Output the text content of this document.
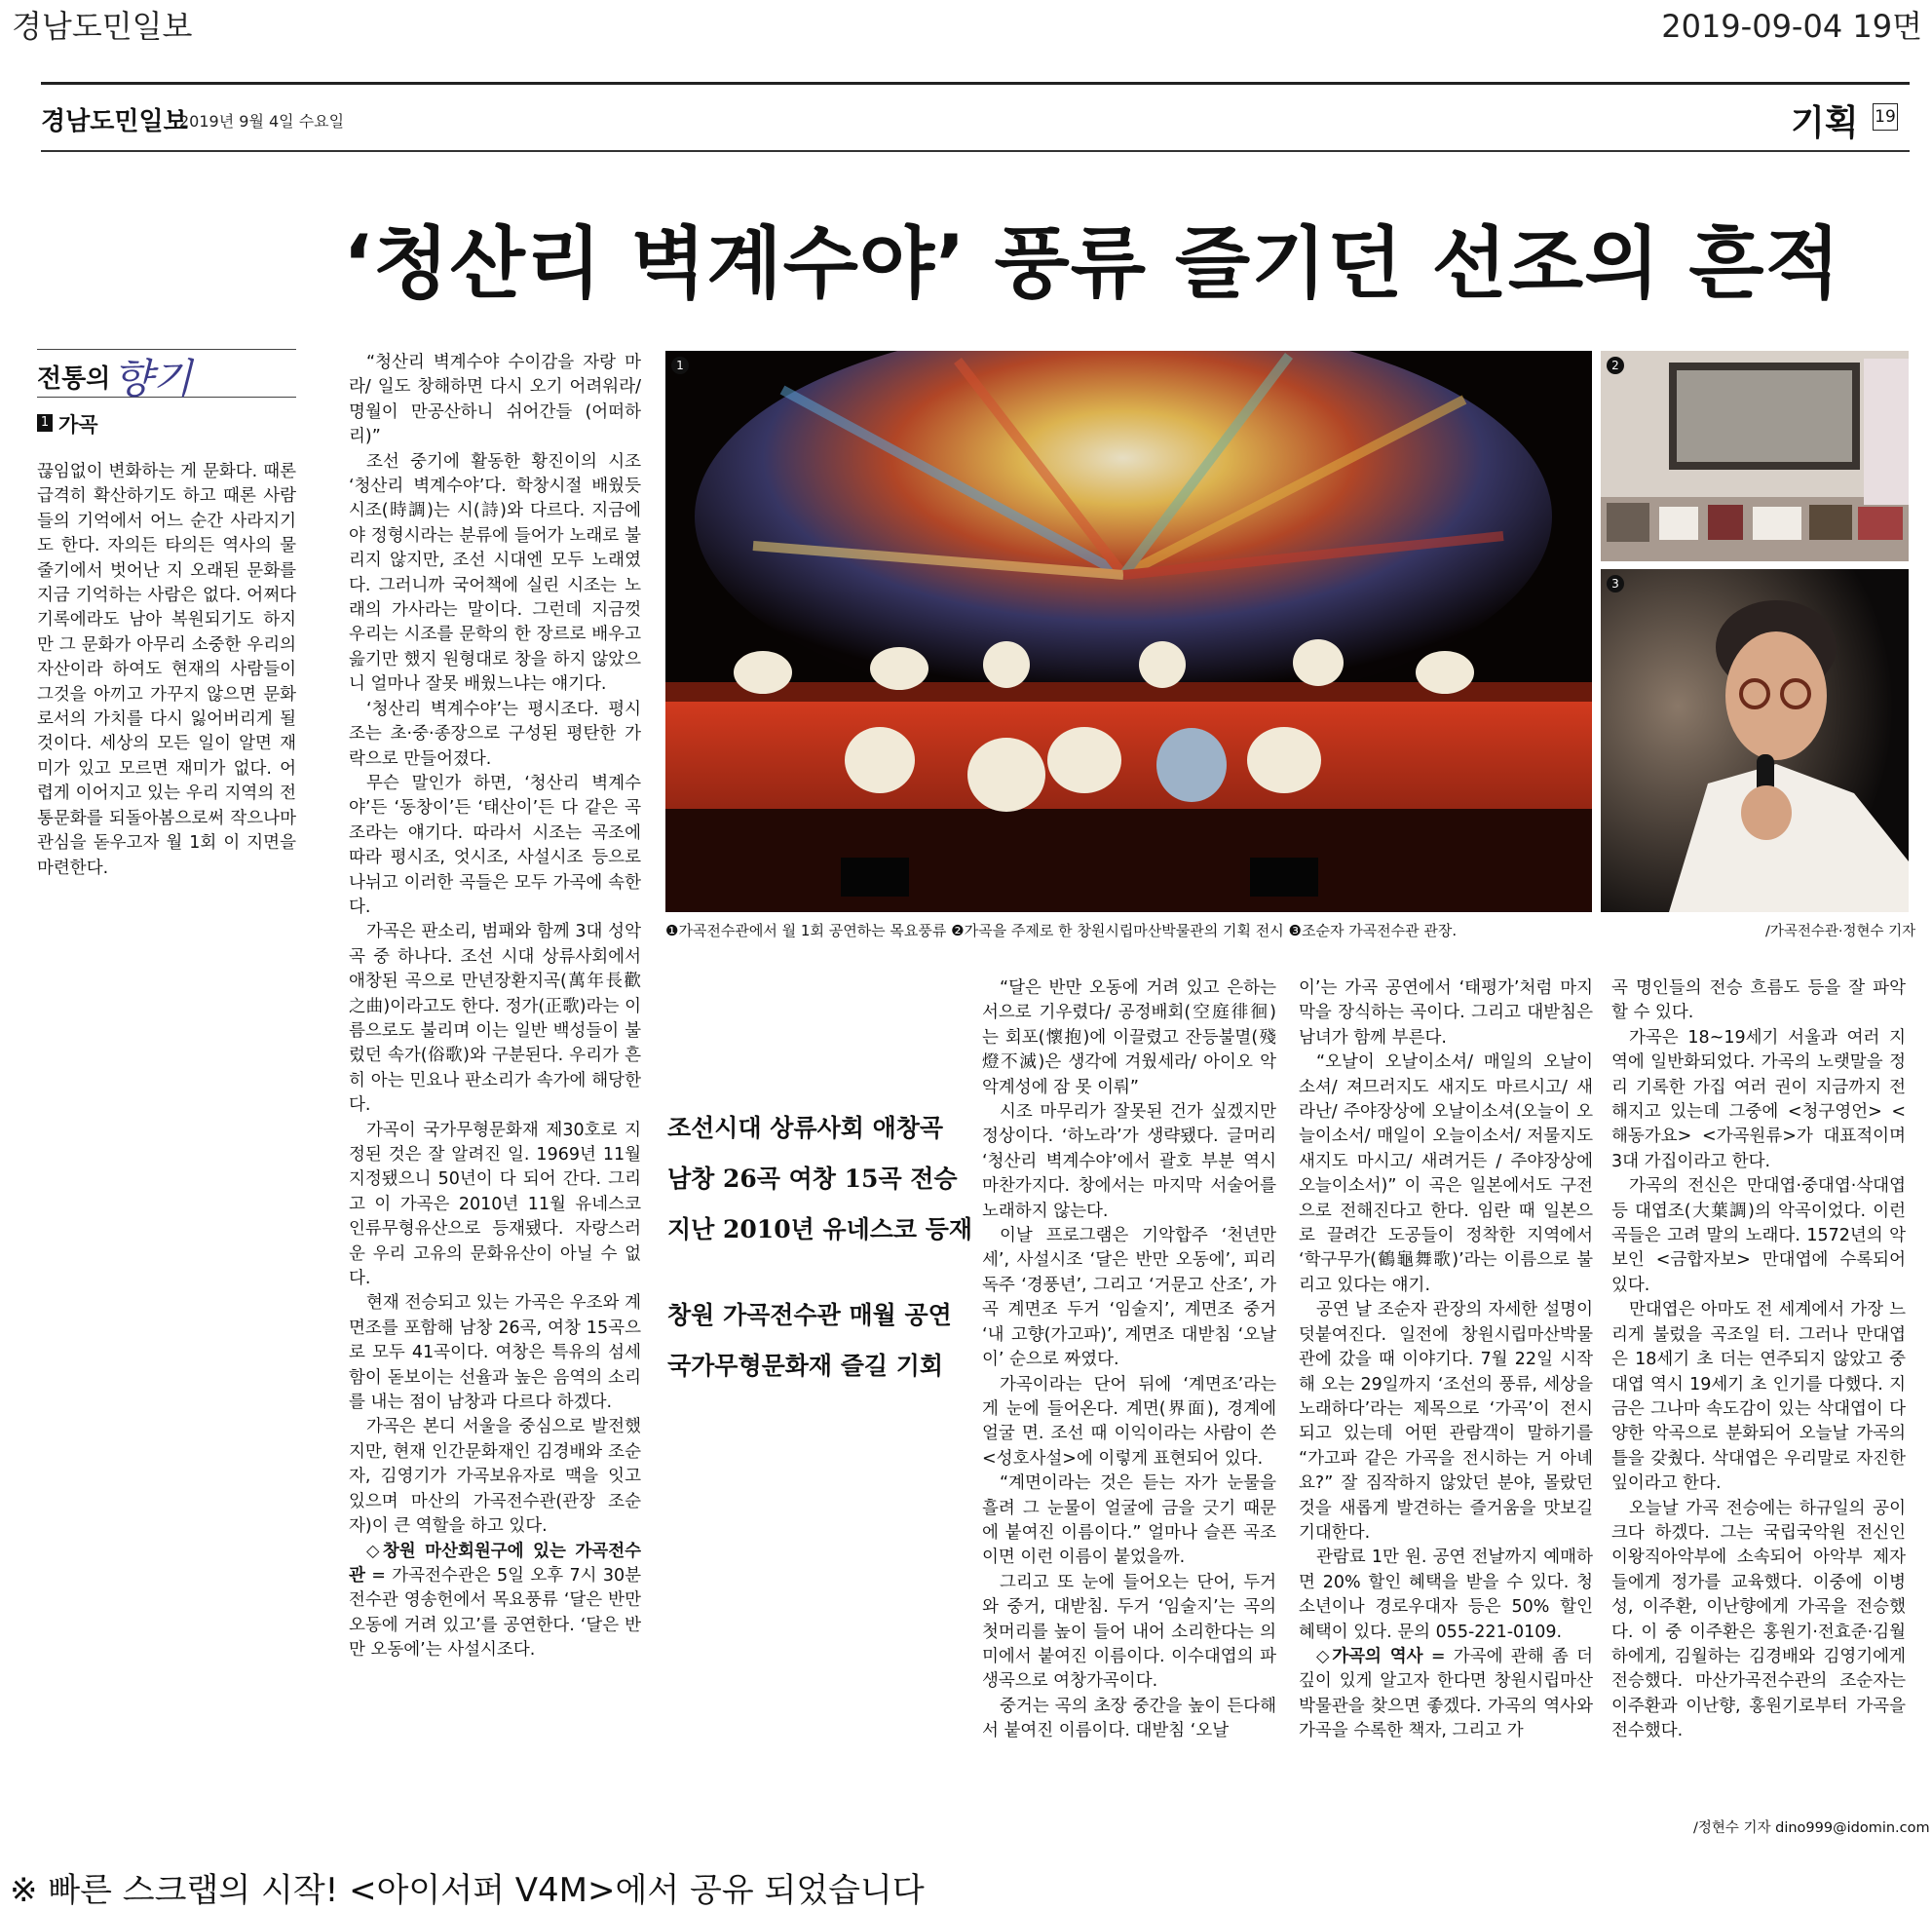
경남도민일보	2019-09-04 19면
경남도민일보
2019년 9월 4일 수요일	기획 19
‘청산리 벽계수야’ 풍류 즐기던 선조의 흔적
전통의 향기
1 가곡

끊임없이 변화하는 게 문화다. 때론 급격히 확산하기도 하고 때론 사람들의 기억에서 어느 순간 사라지기도 한다. 자의든 타의든 역사의 물줄기에서 벗어난 지 오래된 문화를 지금 기억하는 사람은 없다. 어쩌다 기록에라도 남아 복원되기도 하지만 그 문화가 아무리 소중한 우리의 자산이라 하여도 현재의 사람들이 그것을 아끼고 가꾸지 않으면 문화로서의 가치를 다시 잃어버리게 될 것이다. 세상의 모든 일이 알면 재미가 있고 모르면 재미가 없다. 어렵게 이어지고 있는 우리 지역의 전통문화를 되돌아봄으로써 작으나마 관심을 돋우고자 월 1회 이 지면을 마련한다.

“청산리 벽계수야 수이감을 자랑 마라/ 일도 창해하면 다시 오기 어려워라/ 명월이 만공산하니 쉬어간들 (어떠하리)”

조선 중기에 활동한 황진이의 시조 ‘청산리 벽계수야’다. 학창시절 배웠듯 시조(時調)는 시(詩)와 다르다. 지금에야 정형시라는 분류에 들어가 노래로 불리지 않지만, 조선 시대엔 모두 노래였다. 그러니까 국어책에 실린 시조는 노래의 가사라는 말이다. 그런데 지금껏 우리는 시조를 문학의 한 장르로 배우고 읊기만 했지 원형대로 창을 하지 않았으니 얼마나 잘못 배웠느냐는 얘기다.

‘청산리 벽계수야’는 평시조다. 평시조는 초·중·종장으로 구성된 평탄한 가락으로 만들어졌다.

무슨 말인가 하면, ‘청산리 벽계수야’든 ‘동창이’든 ‘태산이’든 다 같은 곡조라는 얘기다. 따라서 시조는 곡조에 따라 평시조, 엇시조, 사설시조 등으로 나뉘고 이러한 곡들은 모두 가곡에 속한다.

가곡은 판소리, 범패와 함께 3대 성악곡 중 하나다. 조선 시대 상류사회에서 애창된 곡으로 만년장환지곡(萬年長歡之曲)이라고도 한다. 정가(正歌)라는 이름으로도 불리며 이는 일반 백성들이 불렀던 속가(俗歌)와 구분된다. 우리가 흔히 아는 민요나 판소리가 속가에 해당한다.

가곡이 국가무형문화재 제30호로 지정된 것은 잘 알려진 일. 1969년 11월 지정됐으니 50년이 다 되어 간다. 그리고 이 가곡은 2010년 11월 유네스코 인류무형유산으로 등재됐다. 자랑스러운 우리 고유의 문화유산이 아닐 수 없다.

현재 전승되고 있는 가곡은 우조와 계면조를 포함해 남창 26곡, 여창 15곡으로 모두 41곡이다. 여창은 특유의 섬세함이 돋보이는 선율과 높은 음역의 소리를 내는 점이 남창과 다르다 하겠다.

가곡은 본디 서울을 중심으로 발전했지만, 현재 인간문화재인 김경배와 조순자, 김영기가 가곡보유자로 맥을 잇고 있으며 마산의 가곡전수관(관장 조순자)이 큰 역할을 하고 있다.

◇창원 마산회원구에 있는 가곡전수관 = 가곡전수관은 5일 오후 7시 30분 전수관 영송헌에서 목요풍류 ‘달은 반만 오동에 거려 있고’를 공연한다. ‘달은 반만 오동에’는 사설시조다.

1	2
3
❶가곡전수관에서 월 1회 공연하는 목요풍류 ❷가곡을 주제로 한 창원시립마산박물관의 기획 전시 ❸조순자 가곡전수관 관장.	/가곡전수관·정현수 기자
조선시대 상류사회 애창곡
남창 26곡 여창 15곡 전승
지난 2010년 유네스코 등재
창원 가곡전수관 매월 공연
국가무형문화재 즐길 기회

“달은 반만 오동에 거려 있고 은하는 서으로 기우렸다/ 공정배회(空庭徘徊)는 회포(懷抱)에 이끌렸고 잔등불멸(殘燈不滅)은 생각에 겨웠세라/ 아이오 악악계성에 잠 못 이뤄”

시조 마무리가 잘못된 건가 싶겠지만 정상이다. ‘하노라’가 생략됐다. 글머리 ‘청산리 벽계수야’에서 괄호 부분 역시 마찬가지다. 창에서는 마지막 서술어를 노래하지 않는다.

이날 프로그램은 기악합주 ‘천년만세’, 사설시조 ‘달은 반만 오동에’, 피리 독주 ‘경풍년’, 그리고 ‘거문고 산조’, 가곡 계면조 두거 ‘임술지’, 계면조 중거 ‘내 고향(가고파)’, 계면조 대받침 ‘오날이’ 순으로 짜였다.

가곡이라는 단어 뒤에 ‘계면조’라는 게 눈에 들어온다. 계면(界面), 경계에 얼굴 면. 조선 때 이익이라는 사람이 쓴 <성호사설>에 이렇게 표현되어 있다.

“계면이라는 것은 듣는 자가 눈물을 흘려 그 눈물이 얼굴에 금을 긋기 때문에 붙여진 이름이다.” 얼마나 슬픈 곡조이면 이런 이름이 붙었을까.

그리고 또 눈에 들어오는 단어, 두거와 중거, 대받침. 두거 ‘임술지’는 곡의 첫머리를 높이 들어 내어 소리한다는 의미에서 붙여진 이름이다. 이수대엽의 파생곡으로 여창가곡이다.

중거는 곡의 초장 중간을 높이 든다해서 붙여진 이름이다. 대받침 ‘오날

이’는 가곡 공연에서 ‘태평가’처럼 마지막을 장식하는 곡이다. 그리고 대받침은 남녀가 함께 부른다.

“오날이 오날이소셔/ 매일의 오날이소셔/ 져므러지도 새지도 마르시고/ 새라난/ 주야장상에 오날이소셔(오늘이 오늘이소서/ 매일이 오늘이소서/ 저물지도 새지도 마시고/ 새려거든 / 주야장상에 오늘이소서)” 이 곡은 일본에서도 구전으로 전해진다고 한다. 임란 때 일본으로 끌려간 도공들이 정착한 지역에서 ‘학구무가(鶴龜舞歌)’라는 이름으로 불리고 있다는 얘기.

공연 날 조순자 관장의 자세한 설명이 덧붙여진다. 일전에 창원시립마산박물관에 갔을 때 이야기다. 7월 22일 시작해 오는 29일까지 ‘조선의 풍류, 세상을 노래하다’라는 제목으로 ‘가곡’이 전시되고 있는데 어떤 관람객이 말하기를 “가고파 같은 가곡을 전시하는 거 아녜요?” 잘 짐작하지 않았던 분야, 몰랐던 것을 새롭게 발견하는 즐거움을 맛보길 기대한다.

관람료 1만 원. 공연 전날까지 예매하면 20% 할인 혜택을 받을 수 있다. 청소년이나 경로우대자 등은 50% 할인 혜택이 있다. 문의 055-221-0109.

◇가곡의 역사 = 가곡에 관해 좀 더 깊이 있게 알고자 한다면 창원시립마산박물관을 찾으면 좋겠다. 가곡의 역사와 가곡을 수록한 책자, 그리고 가

곡 명인들의 전승 흐름도 등을 잘 파악할 수 있다.

가곡은 18~19세기 서울과 여러 지역에 일반화되었다. 가곡의 노랫말을 정리 기록한 가집 여러 권이 지금까지 전해지고 있는데 그중에 <청구영언> <해동가요> <가곡원류>가 대표적이며 3대 가집이라고 한다.

가곡의 전신은 만대엽·중대엽·삭대엽 등 대엽조(大葉調)의 악곡이었다. 이런 곡들은 고려 말의 노래다. 1572년의 악보인 <금합자보> 만대엽에 수록되어 있다.

만대엽은 아마도 전 세계에서 가장 느리게 불렀을 곡조일 터. 그러나 만대엽은 18세기 초 더는 연주되지 않았고 중대엽 역시 19세기 초 인기를 다했다. 지금은 그나마 속도감이 있는 삭대엽이 다양한 악곡으로 분화되어 오늘날 가곡의 틀을 갖췄다. 삭대엽은 우리말로 자진한잎이라고 한다.

오늘날 가곡 전승에는 하규일의 공이 크다 하겠다. 그는 국립국악원 전신인 이왕직아악부에 소속되어 아악부 제자들에게 정가를 교육했다. 이중에 이병성, 이주환, 이난향에게 가곡을 전승했다. 이 중 이주환은 홍원기·전효준·김월하에게, 김월하는 김경배와 김영기에게 전승했다. 마산가곡전수관의 조순자는 이주환과 이난향, 홍원기로부터 가곡을 전수했다.

/정현수 기자 dino999@idomin.com
※ 빠른 스크랩의 시작! <아이서퍼 V4M>에서 공유 되었습니다
